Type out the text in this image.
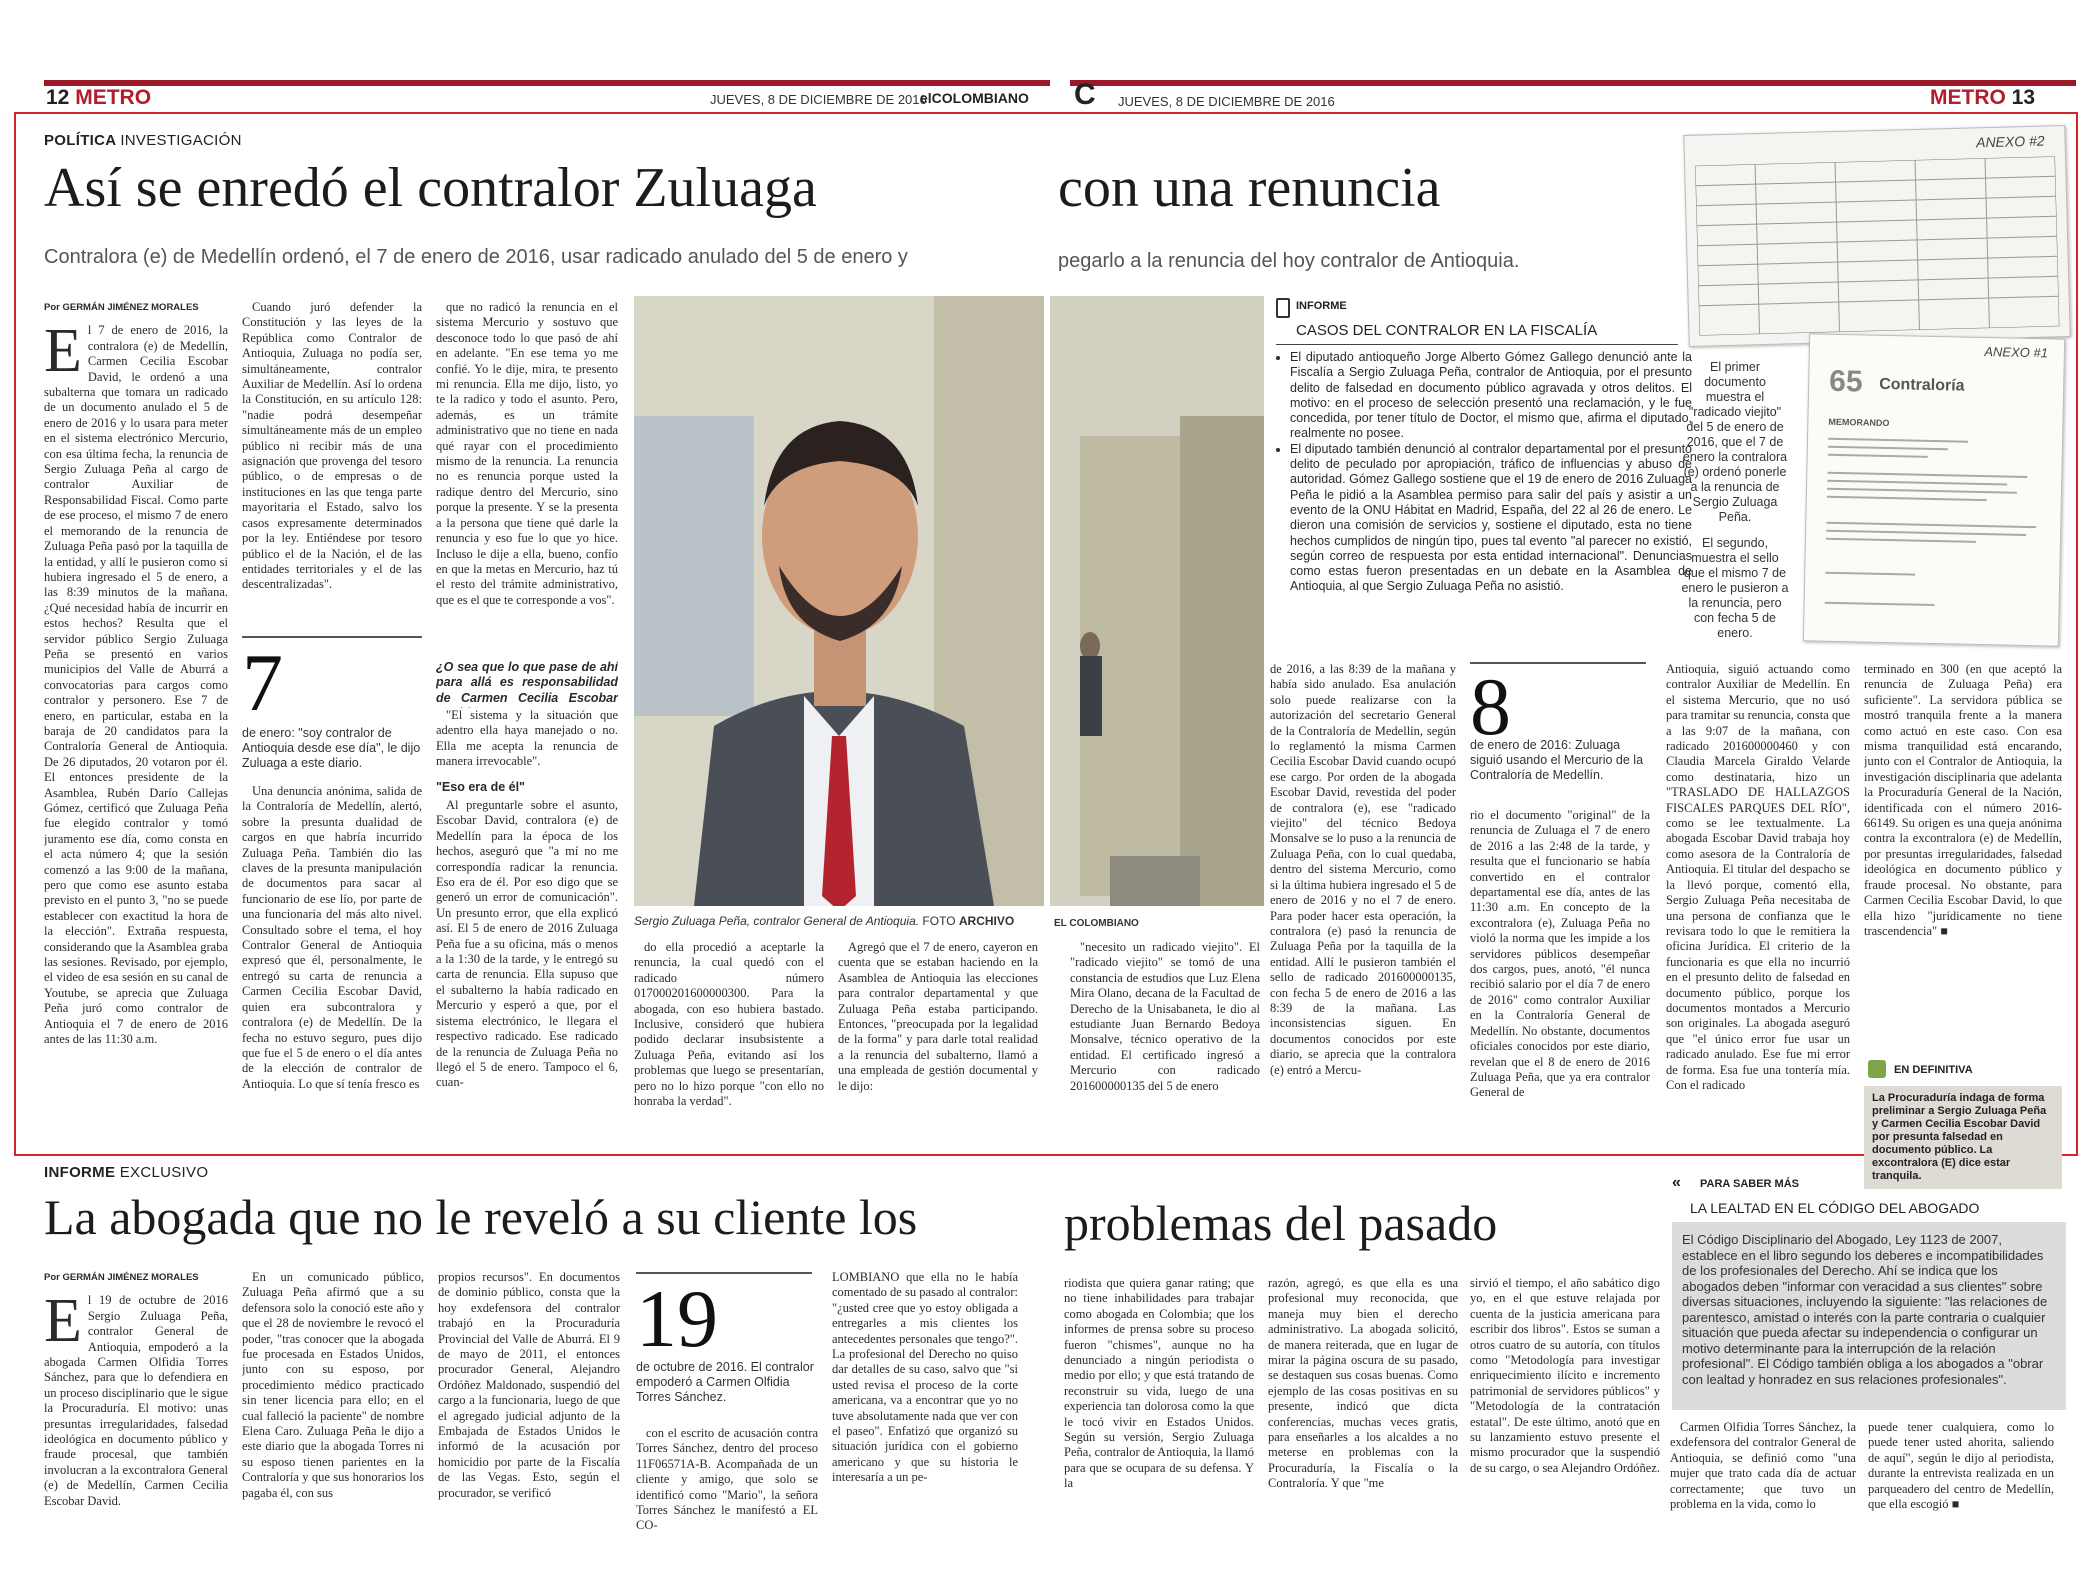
12 METRO	JUEVES, 8 DE DICIEMBRE DE 2016
elCOLOMBIANO C JUEVES, 8 DE DICIEMBRE DE 2016	METRO 13
POLÍTICA INVESTIGACIÓN
Así se enredó el contralor Zuluaga	con una renuncia
Contralora (e) de Medellín ordenó, el 7 de enero de 2016, usar radicado anulado del 5 de enero y	pegarlo a la renuncia del hoy contralor de Antioquia.

Por GERMÁN JIMÉNEZ MORALES

El 7 de enero de 2016, la contralora (e) de Medellín, Carmen Cecilia Escobar David, le ordenó a una subalterna que tomara un radicado de un documento anulado el 5 de enero de 2016 y lo usara para meter en el sistema electrónico Mercurio, con esa última fecha, la renuncia de Sergio Zuluaga Peña al cargo de contralor Auxiliar de Responsabilidad Fiscal. Como parte de ese proceso, el mismo 7 de enero el memorando de la renuncia de Zuluaga Peña pasó por la taquilla de la entidad, y allí le pusieron como si hubiera ingresado el 5 de enero, a las 8:39 minutos de la mañana. ¿Qué necesidad había de incurrir en estos hechos? Resulta que el servidor público Sergio Zuluaga Peña se presentó en varios municipios del Valle de Aburrá a convocatorias para cargos como contralor y personero. Ese 7 de enero, en particular, estaba en la baraja de 20 candidatos para la Contraloría General de Antioquia. De 26 diputados, 20 votaron por él. El entonces presidente de la Asamblea, Rubén Darío Callejas Gómez, certificó que Zuluaga Peña fue elegido contralor y tomó juramento ese día, como consta en el acta número 4; que la sesión comenzó a las 9:00 de la mañana, pero que como ese asunto estaba previsto en el punto 3, "no se puede establecer con exactitud la hora de la elección". Extraña respuesta, considerando que la Asamblea graba las sesiones. Revisado, por ejemplo, el video de esa sesión en su canal de Youtube, se aprecia que Zuluaga Peña juró como contralor de Antioquia el 7 de enero de 2016 antes de las 11:30 a.m.

Cuando juró defender la Constitución y las leyes de la República como Contralor de Antioquia, Zuluaga no podía ser, simultáneamente, contralor Auxiliar de Medellín. Así lo ordena la Constitución, en su artículo 128: "nadie podrá desempeñar simultáneamente más de un empleo público ni recibir más de una asignación que provenga del tesoro público, o de empresas o de instituciones en las que tenga parte mayoritaria el Estado, salvo los casos expresamente determinados por la ley. Entiéndese por tesoro público el de la Nación, el de las entidades territoriales y el de las descentralizadas".

7
de enero: "soy contralor de Antioquia desde ese día", le dijo Zuluaga a este diario.

Una denuncia anónima, salida de la Contraloría de Medellín, alertó, sobre la presunta dualidad de cargos en que habría incurrido Zuluaga Peña. También dio las claves de la presunta manipulación de documentos para sacar al funcionario de ese lío, por parte de una funcionaria del más alto nivel. Consultado sobre el tema, el hoy Contralor General de Antioquia expresó que él, personalmente, le entregó su carta de renuncia a Carmen Cecilia Escobar David, quien era subcontralora y contralora (e) de Medellín. De la fecha no estuvo seguro, pues dijo que fue el 5 de enero o el día antes de la elección de contralor de Antioquia. Lo que sí tenía fresco es

que no radicó la renuncia en el sistema Mercurio y sostuvo que desconoce todo lo que pasó de ahí en adelante. "En ese tema yo me confié. Yo le dije, mira, te presento mi renuncia. Ella me dijo, listo, yo te la radico y todo el asunto. Pero, además, es un trámite administrativo que no tiene en nada qué rayar con el procedimiento mismo de la renuncia. La renuncia no es renuncia porque usted la radique dentro del Mercurio, sino porque la presente. Y se la presenta a la persona que tiene qué darle la renuncia y eso fue lo que yo hice. Incluso le dije a ella, bueno, confío en que la metas en Mercurio, haz tú el resto del trámite administrativo, que es el que te corresponde a vos".

¿O sea que lo que pase de ahí para allá es responsabilidad de Carmen Cecilia Escobar

"El sistema y la situación que adentro ella haya manejado o no. Ella me acepta la renuncia de manera irrevocable".

"Eso era de él"

Al preguntarle sobre el asunto, Escobar David, contralora (e) de Medellín para la época de los hechos, aseguró que "a mí no me correspondía radicar la renuncia. Eso era de él. Por eso digo que se generó un error de comunicación". Un presunto error, que ella explicó así. El 5 de enero de 2016 Zuluaga Peña fue a su oficina, más o menos a la 1:30 de la tarde, y le entregó su carta de renuncia. Ella supuso que el subalterno la había radicado en Mercurio y esperó a que, por el sistema electrónico, le llegara el respectivo radicado. Ese radicado de la renuncia de Zuluaga Peña no llegó el 5 de enero. Tampoco el 6, cuan-

Sergio Zuluaga Peña, contralor General de Antioquia. FOTO ARCHIVO	EL COLOMBIANO

do ella procedió a aceptarle la renuncia, la cual quedó con el radicado número 017000201600000300. Para la abogada, con eso hubiera bastado. Inclusive, consideró que hubiera podido declarar insubsistente a Zuluaga Peña, evitando así los problemas que luego se presentarían, pero no lo hizo porque "con ello no honraba la verdad".

Agregó que el 7 de enero, cayeron en cuenta que se estaban haciendo en la Asamblea de Antioquia las elecciones para contralor departamental y que Zuluaga Peña estaba participando. Entonces, "preocupada por la legalidad de la forma" y para darle total realidad a la renuncia del subalterno, llamó a una empleada de gestión documental y le dijo:

"necesito un radicado viejito". El "radicado viejito" se tomó de una constancia de estudios que Luz Elena Mira Olano, decana de la Facultad de Derecho de la Unisabaneta, le dio al estudiante Juan Bernardo Bedoya Monsalve, técnico operativo de la entidad. El certificado ingresó a Mercurio con radicado 201600000135 del 5 de enero

INFORME
CASOS DEL CONTRALOR EN LA FISCALÍA
• El diputado antioqueño Jorge Alberto Gómez Gallego denunció ante la Fiscalía a Sergio Zuluaga Peña, contralor de Antioquia, por el presunto delito de falsedad en documento público agravada y otros delitos. El motivo: en el proceso de selección presentó una reclamación, y le fue concedida, por tener título de Doctor, el mismo que, afirma el diputado, realmente no posee.
• El diputado también denunció al contralor departamental por el presunto delito de peculado por apropiación, tráfico de influencias y abuso de autoridad. Gómez Gallego sostiene que el 19 de enero de 2016 Zuluaga Peña le pidió a la Asamblea permiso para salir del país y asistir a un evento de la ONU Hábitat en Madrid, España, del 22 al 26 de enero. Le dieron una comisión de servicios y, sostiene el diputado, esta no tiene hechos cumplidos de ningún tipo, pues tal evento "al parecer no existió, según correo de respuesta por esta entidad internacional". Denuncias como estas fueron presentadas en un debate en la Asamblea de Antioquia, al que Sergio Zuluaga Peña no asistió.

de 2016, a las 8:39 de la mañana y había sido anulado. Esa anulación solo puede realizarse con la autorización del secretario General de la Contraloría de Medellín, según lo reglamentó la misma Carmen Cecilia Escobar David cuando ocupó ese cargo. Por orden de la abogada Escobar David, revestida del poder de contralora (e), ese "radicado viejito" del técnico Bedoya Monsalve se lo puso a la renuncia de Zuluaga Peña, con lo cual quedaba, dentro del sistema Mercurio, como si la última hubiera ingresado el 5 de enero de 2016 y no el 7 de enero. Para poder hacer esta operación, la contralora (e) pasó la renuncia de Zuluaga Peña por la taquilla de la entidad. Allí le pusieron también el sello de radicado 201600000135, con fecha 5 de enero de 2016 a las 8:39 de la mañana. Las inconsistencias siguen. En documentos conocidos por este diario, se aprecia que la contralora (e) entró a Mercu-

8
de enero de 2016: Zuluaga siguió usando el Mercurio de la Contraloría de Medellín.

rio el documento "original" de la renuncia de Zuluaga el 7 de enero de 2016 a las 2:48 de la tarde, y resulta que el funcionario se había convertido en el contralor departamental ese día, antes de las 11:30 a.m. En concepto de la excontralora (e), Zuluaga Peña no violó la norma que les impide a los servidores públicos desempeñar dos cargos, pues, anotó, "él nunca recibió salario por el día 7 de enero de 2016" como contralor Auxiliar en la Contraloría General de Medellín. No obstante, documentos oficiales conocidos por este diario, revelan que el 8 de enero de 2016 Zuluaga Peña, que ya era contralor General de

ANEXO #2
ANEXO #1
65 Contraloría
MEMORANDO
El primer documento muestra el "radicado viejito" del 5 de enero de 2016, que el 7 de enero la contralora (e) ordenó ponerle a la renuncia de Sergio Zuluaga Peña.
El segundo, muestra el sello que el mismo 7 de enero le pusieron a la renuncia, pero con fecha 5 de enero.

Antioquia, siguió actuando como contralor Auxiliar de Medellín. En el sistema Mercurio, que no usó para tramitar su renuncia, consta que a las 9:07 de la mañana, con radicado 201600000460 y con Claudia Marcela Giraldo Velarde como destinataria, hizo un "TRASLADO DE HALLAZGOS FISCALES PARQUES DEL RÍO", como se lee textualmente. La abogada Escobar David trabaja hoy como asesora de la Contraloría de Antioquia. El titular del despacho se la llevó porque, comentó ella, Sergio Zuluaga Peña necesitaba de una persona de confianza que le revisara todo lo que le remitiera la oficina Jurídica. El criterio de la funcionaria es que ella no incurrió en el presunto delito de falsedad en documento público, porque los documentos montados a Mercurio son originales. La abogada aseguró que "el único error fue usar un radicado anulado. Ese fue mi error de forma. Esa fue una tontería mía. Con el radicado

terminado en 300 (en que aceptó la renuncia de Zuluaga Peña) era suficiente". La servidora pública se mostró tranquila frente a la manera como actuó en este caso. Con esa misma tranquilidad está encarando, junto con el Contralor de Antioquia, la investigación disciplinaria que adelanta la Procuraduría General de la Nación, identificada con el número 2016-66149. Su origen es una queja anónima contra la excontralora (e) de Medellín, por presuntas irregularidades, falsedad ideológica en documento público y fraude procesal. No obstante, para Carmen Cecilia Escobar David, lo que ella hizo "jurídicamente no tiene trascendencia" ■

EN DEFINITIVA
La Procuraduría indaga de forma preliminar a Sergio Zuluaga Peña y Carmen Cecilia Escobar David por presunta falsedad en documento público. La excontralora (E) dice estar tranquila.
INFORME EXCLUSIVO
La abogada que no le reveló a su cliente los	problemas del pasado

Por GERMÁN JIMÉNEZ MORALES

El 19 de octubre de 2016 Sergio Zuluaga Peña, contralor General de Antioquia, empoderó a la abogada Carmen Olfidia Torres Sánchez, para que lo defendiera en un proceso disciplinario que le sigue la Procuraduría. El motivo: unas presuntas irregularidades, falsedad ideológica en documento público y fraude procesal, que también involucran a la excontralora General (e) de Medellín, Carmen Cecilia Escobar David.

En un comunicado público, Zuluaga Peña afirmó que a su defensora solo la conoció este año y que el 28 de noviembre le revocó el poder, "tras conocer que la abogada fue procesada en Estados Unidos, junto con su esposo, por procedimiento médico practicado sin tener licencia para ello; en el cual falleció la paciente" de nombre Elena Caro. Zuluaga Peña le dijo a este diario que la abogada Torres ni su esposo tienen parientes en la Contraloría y que sus honorarios los pagaba él, con sus

propios recursos". En documentos de dominio público, consta que la hoy exdefensora del contralor trabajó en la Procuraduría Provincial del Valle de Aburrá. El 9 de mayo de 2011, el entonces procurador General, Alejandro Ordóñez Maldonado, suspendió del cargo a la funcionaria, luego de que el agregado judicial adjunto de la Embajada de Estados Unidos le informó de la acusación por homicidio por parte de la Fiscalía de las Vegas. Esto, según el procurador, se verificó

19
de octubre de 2016. El contralor empoderó a Carmen Olfidia Torres Sánchez.

con el escrito de acusación contra Torres Sánchez, dentro del proceso 11F06571A-B. Acompañada de un cliente y amigo, que solo se identificó como "Mario", la señora Torres Sánchez le manifestó a EL CO-

LOMBIANO que ella no le había comentado de su pasado al contralor: "¿usted cree que yo estoy obligada a entregarles a mis clientes los antecedentes personales que tengo?". La profesional del Derecho no quiso dar detalles de su caso, salvo que "si usted revisa el proceso de la corte americana, va a encontrar que yo no tuve absolutamente nada que ver con el paseo". Enfatizó que organizó su situación jurídica con el gobierno americano y que su historia le interesaría a un pe-

riodista que quiera ganar rating; que no tiene inhabilidades para trabajar como abogada en Colombia; que los informes de prensa sobre su proceso fueron "chismes", aunque no ha denunciado a ningún periodista o medio por ello; y que está tratando de reconstruir su vida, luego de una experiencia tan dolorosa como la que le tocó vivir en Estados Unidos. Según su versión, Sergio Zuluaga Peña, contralor de Antioquia, la llamó para que se ocupara de su defensa. Y la

razón, agregó, es que ella es una profesional muy reconocida, que maneja muy bien el derecho administrativo. La abogada solicitó, de manera reiterada, que en lugar de mirar la página oscura de su pasado, se destaquen sus cosas buenas. Como ejemplo de las cosas positivas en su presente, indicó que dicta conferencias, muchas veces gratis, para enseñarles a los alcaldes a no meterse en problemas con la Procuraduría, la Fiscalía o la Contraloría. Y que "me

sirvió el tiempo, el año sabático digo yo, en el que estuve relajada por cuenta de la justicia americana para escribir dos libros". Estos se suman a otros cuatro de su autoría, con títulos como "Metodología para investigar enriquecimiento ilícito e incremento patrimonial de servidores públicos" y "Metodología de la contratación estatal". De este último, anotó que en su lanzamiento estuvo presente el mismo procurador que la suspendió de su cargo, o sea Alejandro Ordóñez.

« PARA SABER MÁS
LA LEALTAD EN EL CÓDIGO DEL ABOGADO
El Código Disciplinario del Abogado, Ley 1123 de 2007, establece en el libro segundo los deberes e incompatibilidades de los profesionales del Derecho. Ahí se indica que los abogados deben "informar con veracidad a sus clientes" sobre diversas situaciones, incluyendo la siguiente: "las relaciones de parentesco, amistad o interés con la parte contraria o cualquier situación que pueda afectar su independencia o configurar un motivo determinante para la interrupción de la relación profesional". El Código también obliga a los abogados a "obrar con lealtad y honradez en sus relaciones profesionales".

Carmen Olfidia Torres Sánchez, la exdefensora del contralor General de Antioquia, se definió como "una mujer que trato cada día de actuar correctamente; que tuvo un problema en la vida, como lo

puede tener cualquiera, como lo puede tener usted ahorita, saliendo de aquí", según le dijo al periodista, durante la entrevista realizada en un parqueadero del centro de Medellín, que ella escogió ■
